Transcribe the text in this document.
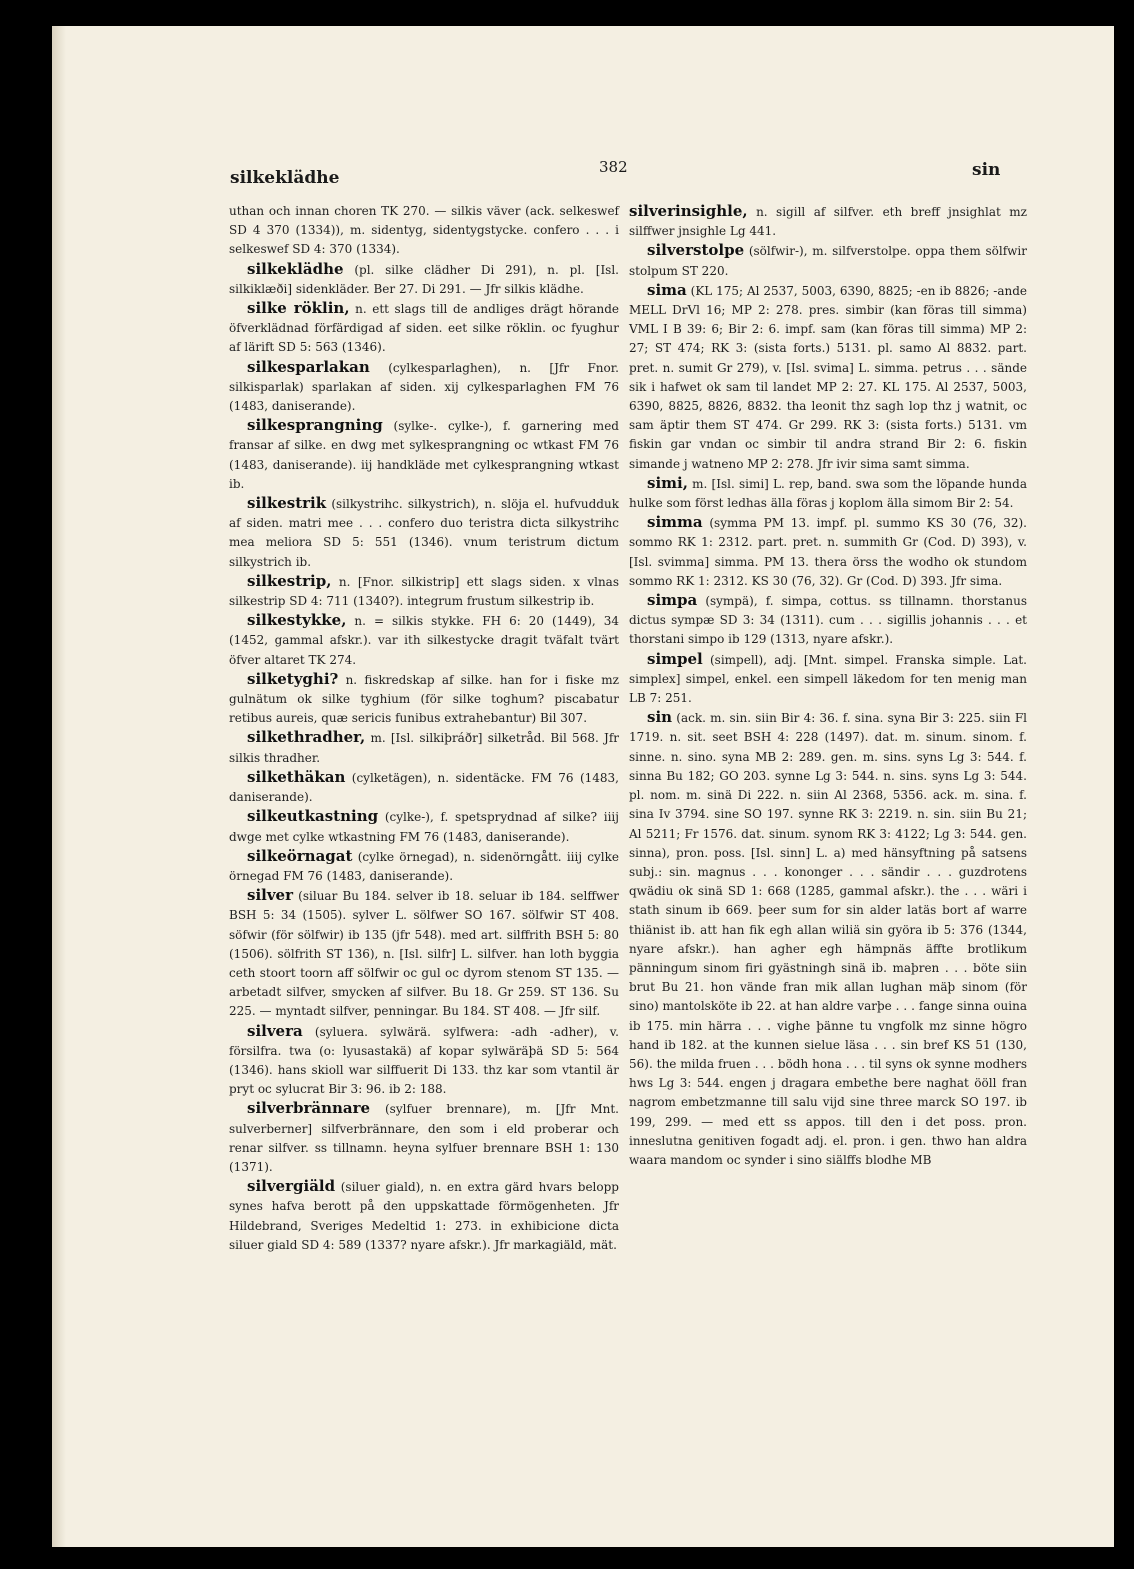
silkeklädhe
382	sin
uthan och innan choren TK 270. — silkis väver (ack. selkeswef SD 4 370 (1334)), m. sidentyg, sidentygstycke. confero . . . i selkeswef SD 4: 370 (1334).
silkeklädhe (pl. silke clädher Di 291), n. pl. [Isl. silkiklæði] sidenkläder. Ber 27. Di 291. — Jfr silkis klädhe.
silke röklin, n. ett slags till de andliges drägt hörande öfverklädnad förfärdigad af siden. eet silke röklin. oc fyughur af lärift SD 5: 563 (1346).
silkesparlakan (cylkesparlaghen), n. [Jfr Fnor. silkisparlak) sparlakan af siden. xij cylkesparlaghen FM 76 (1483, daniserande).
silkesprangning (sylke-. cylke-), f. garnering med fransar af silke. en dwg met sylkesprangning oc wtkast FM 76 (1483, daniserande). iij handkläde met cylkesprangning wtkast ib.
silkestrik (silkystrihc. silkystrich), n. slöja el. hufvudduk af siden. matri mee . . . confero duo teristra dicta silkystrihc mea meliora SD 5: 551 (1346). vnum teristrum dictum silkystrich ib.
silkestrip, n. [Fnor. silkistrip] ett slags siden. x vlnas silkestrip SD 4: 711 (1340?). integrum frustum silkestrip ib.
silkestykke, n. = silkis stykke. FH 6: 20 (1449), 34 (1452, gammal afskr.). var ith silkestycke dragit tväfalt tvärt öfver altaret TK 274.
silketyghi? n. fiskredskap af silke. han for i fiske mz gulnätum ok silke tyghium (för silke toghum? piscabatur retibus aureis, quæ sericis funibus extrahebantur) Bil 307.
silkethradher, m. [Isl. silkiþráðr] silketråd. Bil 568. Jfr silkis thradher.
silkethäkan (cylketägen), n. sidentäcke. FM 76 (1483, daniserande).
silkeutkastning (cylke-), f. spetsprydnad af silke? iiij dwge met cylke wtkastning FM 76 (1483, daniserande).
silkeörnagat (cylke örnegad), n. sidenörngått. iiij cylke örnegad FM 76 (1483, daniserande).
silver (siluar Bu 184. selver ib 18. seluar ib 184. selffwer BSH 5: 34 (1505). sylver L. sölfwer SO 167. sölfwir ST 408. söfwir (för sölfwir) ib 135 (jfr 548). med art. silffrith BSH 5: 80 (1506). sölfrith ST 136), n. [Isl. silfr] L. silfver. han loth byggia ceth stoort toorn aff sölfwir oc gul oc dyrom stenom ST 135. — arbetadt silfver, smycken af silfver. Bu 18. Gr 259. ST 136. Su 225. — myntadt silfver, penningar. Bu 184. ST 408. — Jfr silf.
silvera (syluera. sylwärä. sylfwera: -adh -adher), v. försilfra. twa (o: lyusastakä) af kopar sylwäräþä SD 5: 564 (1346). hans skioll war silffuerit Di 133. thz kar som vtantil är pryt oc sylucrat Bir 3: 96. ib 2: 188.
silverbrännare (sylfuer brennare), m. [Jfr Mnt. sulverberner] silfverbrännare, den som i eld proberar och renar silfver. ss tillnamn. heyna sylfuer brennare BSH 1: 130 (1371).
silvergiäld (siluer giald), n. en extra gärd hvars belopp synes hafva berott på den uppskattade förmögenheten. Jfr Hildebrand, Sveriges Medeltid 1: 273. in exhibicione dicta siluer giald SD 4: 589 (1337? nyare afskr.). Jfr markagiäld, mät.
silverinsighle, n. sigill af silfver. eth breff jnsighlat mz silffwer jnsighle Lg 441.
silverstolpe (sölfwir-), m. silfverstolpe. oppa them sölfwir stolpum ST 220.
sima (KL 175; Al 2537, 5003, 6390, 8825; -en ib 8826; -ande MELL DrVl 16; MP 2: 278. pres. simbir (kan föras till simma) VML I B 39: 6; Bir 2: 6. impf. sam (kan föras till simma) MP 2: 27; ST 474; RK 3: (sista forts.) 5131. pl. samo Al 8832. part. pret. n. sumit Gr 279), v. [Isl. svima] L. simma. petrus . . . sände sik i hafwet ok sam til landet MP 2: 27. KL 175. Al 2537, 5003, 6390, 8825, 8826, 8832. tha leonit thz sagh lop thz j watnit, oc sam äptir them ST 474. Gr 299. RK 3: (sista forts.) 5131. vm fiskin gar vndan oc simbir til andra strand Bir 2: 6. fiskin simande j watneno MP 2: 278. Jfr ivir sima samt simma.
simi, m. [Isl. simi] L. rep, band. swa som the löpande hunda hulke som först ledhas älla föras j koplom älla simom Bir 2: 54.
simma (symma PM 13. impf. pl. summo KS 30 (76, 32). sommo RK 1: 2312. part. pret. n. summith Gr (Cod. D) 393), v. [Isl. svimma] simma. PM 13. thera örss the wodho ok stundom sommo RK 1: 2312. KS 30 (76, 32). Gr (Cod. D) 393. Jfr sima.
simpa (sympä), f. simpa, cottus. ss tillnamn. thorstanus dictus sympæ SD 3: 34 (1311). cum . . . sigillis johannis . . . et thorstani simpo ib 129 (1313, nyare afskr.).
simpel (simpell), adj. [Mnt. simpel. Franska simple. Lat. simplex] simpel, enkel. een simpell läkedom for ten menig man LB 7: 251.
sin (ack. m. sin. siin Bir 4: 36. f. sina. syna Bir 3: 225. siin Fl 1719. n. sit. seet BSH 4: 228 (1497). dat. m. sinum. sinom. f. sinne. n. sino. syna MB 2: 289. gen. m. sins. syns Lg 3: 544. f. sinna Bu 182; GO 203. synne Lg 3: 544. n. sins. syns Lg 3: 544. pl. nom. m. sinä Di 222. n. siin Al 2368, 5356. ack. m. sina. f. sina Iv 3794. sine SO 197. synne RK 3: 2219. n. sin. siin Bu 21; Al 5211; Fr 1576. dat. sinum. synom RK 3: 4122; Lg 3: 544. gen. sinna), pron. poss. [Isl. sinn] L. a) med hänsyftning på satsens subj.: sin. magnus . . . kononger . . . sändir . . . guzdrotens qwädiu ok sinä SD 1: 668 (1285, gammal afskr.). the . . . wäri i stath sinum ib 669. þeer sum for sin alder latäs bort af warre thiänist ib. att han fik egh allan wiliä sin györa ib 5: 376 (1344, nyare afskr.). han agher egh hämpnäs äffte brotlikum pänningum sinom firi gyästningh sinä ib. maþren . . . böte siin brut Bu 21. hon vände fran mik allan lughan mäþ sinom (för sino) mantolsköte ib 22. at han aldre varþe . . . fange sinna ouina ib 175. min härra . . . vighe þänne tu vngfolk mz sinne högro hand ib 182. at the kunnen sielue läsa . . . sin bref KS 51 (130, 56). the milda fruen . . . bödh hona . . . til syns ok synne modhers hws Lg 3: 544. engen j dragara embethe bere naghat ööll fran nagrom embetzmanne till salu vijd sine three marck SO 197. ib 199, 299. — med ett ss appos. till den i det poss. pron. inneslutna genitiven fogadt adj. el. pron. i gen. thwo han aldra waara mandom oc synder i sino siälffs blodhe MB
